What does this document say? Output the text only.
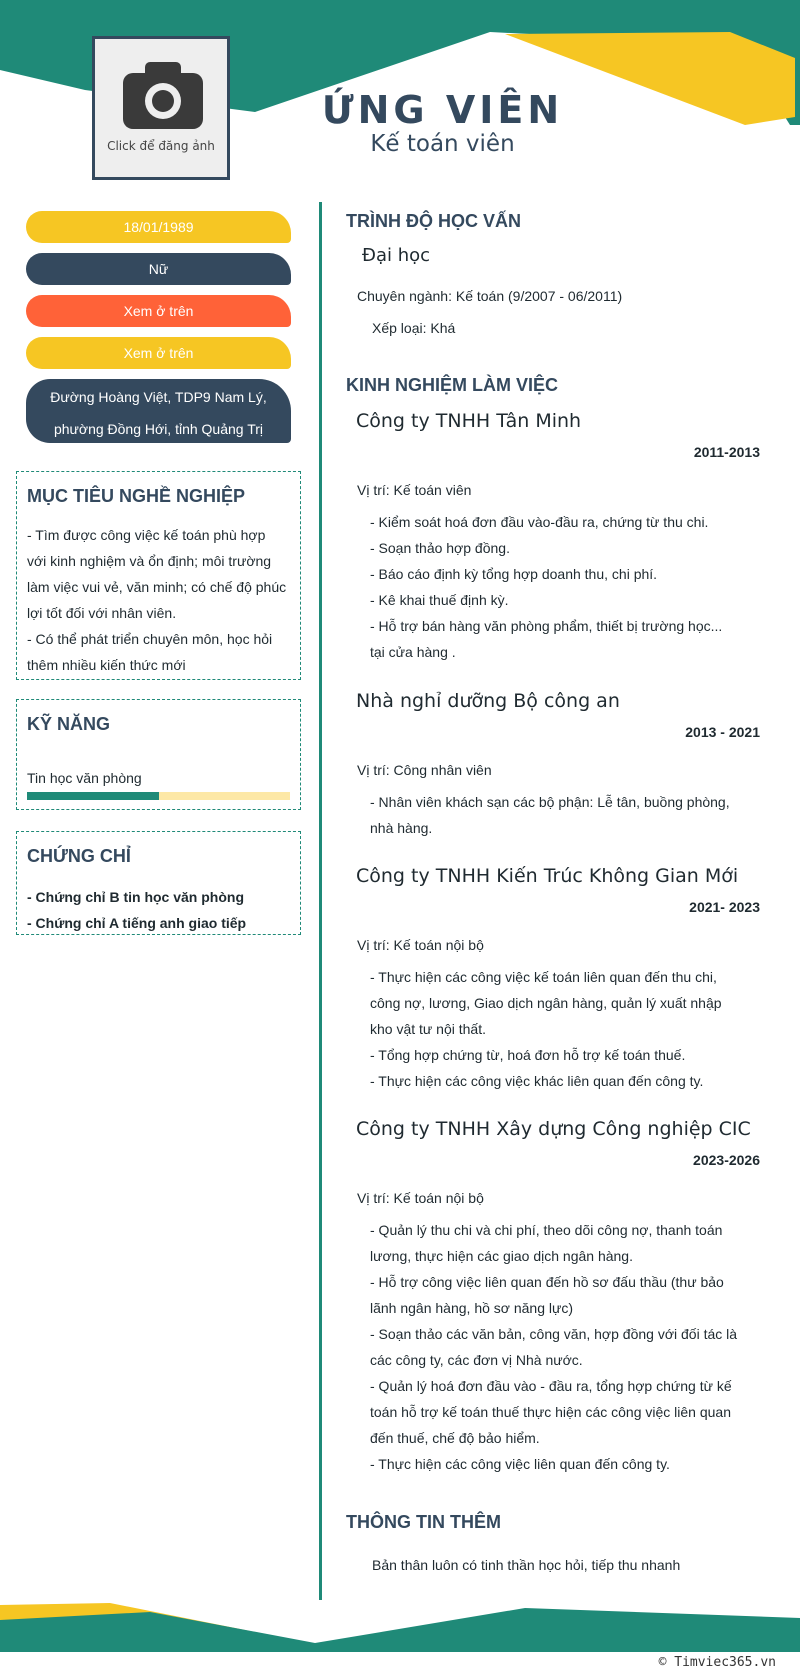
Click để đăng ảnh
ỨNG VIÊN
Kế toán viên
18/01/1989
Nữ
Xem ở trên
Xem ở trên
Đường Hoàng Việt, TDP9 Nam Lý, phường Đồng Hới, tỉnh Quảng Trị
MỤC TIÊU NGHỀ NGHIỆP
- Tìm được công việc kế toán phù hợp với kinh nghiệm và ổn định; môi trường làm việc vui vẻ, văn minh; có chế độ phúc lợi tốt đối với nhân viên.
- Có thể phát triển chuyên môn, học hỏi thêm nhiều kiến thức mới
KỸ NĂNG
Tin học văn phòng
CHỨNG CHỈ
- Chứng chỉ B tin học văn phòng
- Chứng chỉ A tiếng anh giao tiếp
TRÌNH ĐỘ HỌC VẤN
Đại học
Chuyên ngành: Kế toán (9/2007 - 06/2011)
Xếp loại: Khá
KINH NGHIỆM LÀM VIỆC
Công ty TNHH Tân Minh
2011-2013
Vị trí: Kế toán viên
- Kiểm soát hoá đơn đầu vào-đầu ra, chứng từ thu chi.
- Soạn thảo hợp đồng.
- Báo cáo định kỳ tổng hợp doanh thu, chi phí.
- Kê khai thuế định kỳ.
- Hỗ trợ bán hàng văn phòng phẩm, thiết bị trường học...
tại cửa hàng .
Nhà nghỉ dưỡng Bộ công an
2013 - 2021
Vị trí: Công nhân viên
- Nhân viên khách sạn các bộ phận: Lễ tân, buồng phòng,
nhà hàng.
Công ty TNHH Kiến Trúc Không Gian Mới
2021- 2023
Vị trí: Kế toán nội bộ
- Thực hiện các công việc kế toán liên quan đến thu chi,
công nợ, lương, Giao dịch ngân hàng, quản lý xuất nhập
kho vật tư nội thất.
- Tổng hợp chứng từ, hoá đơn hỗ trợ kế toán thuế.
- Thực hiện các công việc khác liên quan đến công ty.
Công ty TNHH Xây dựng Công nghiệp CIC
2023-2026
Vị trí: Kế toán nội bộ
- Quản lý thu chi và chi phí, theo dõi công nợ, thanh toán
lương, thực hiện các giao dịch ngân hàng.
- Hỗ trợ công việc liên quan đến hồ sơ đấu thầu (thư bảo
lãnh ngân hàng, hồ sơ năng lực)
- Soạn thảo các văn bản, công văn, hợp đồng với đối tác là
các công ty, các đơn vị Nhà nước.
- Quản lý hoá đơn đầu vào - đầu ra, tổng hợp chứng từ kế
toán hỗ trợ kế toán thuế thực hiện các công việc liên quan
đến thuế, chế độ bảo hiểm.
- Thực hiện các công việc liên quan đến công ty.
THÔNG TIN THÊM
Bản thân luôn có tinh thần học hỏi, tiếp thu nhanh
© Timviec365.vn
